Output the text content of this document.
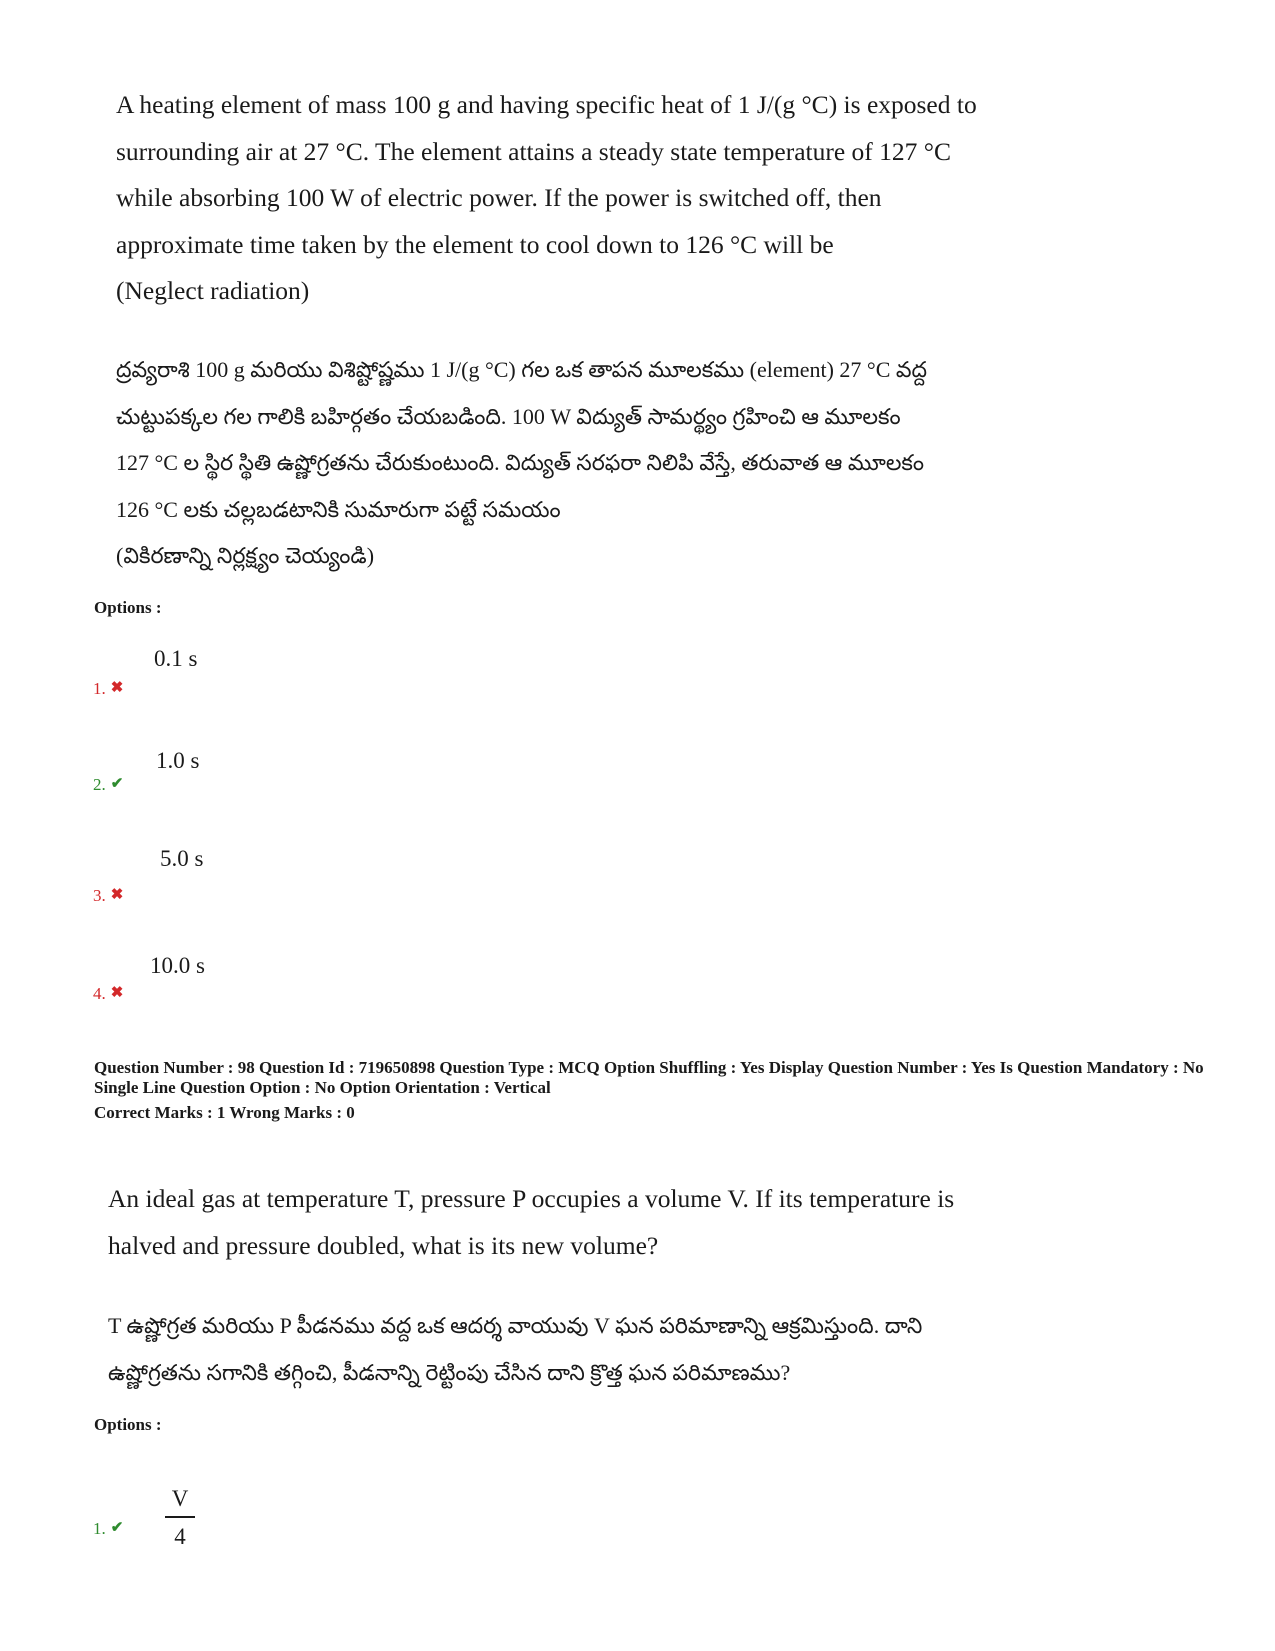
A heating element of mass 100 g and having specific heat of 1 J/(g °C) is exposed to

surrounding air at 27 °C. The element attains a steady state temperature of 127 °C

while absorbing 100 W of electric power. If the power is switched off, then

approximate time taken by the element to cool down to 126 °C will be

(Neglect radiation)

ద్రవ్యరాశి 100 g మరియు విశిష్టోష్ణము 1 J/(g °C) గల ఒక తాపన మూలకము (element) 27 °C వద్ద

చుట్టుపక్కల గల గాలికి బహిర్గతం చేయబడింది. 100 W విద్యుత్ సామర్థ్యం గ్రహించి ఆ మూలకం

127 °C ల స్థిర స్థితి ఉష్ణోగ్రతను చేరుకుంటుంది. విద్యుత్ సరఫరా నిలిపి వేస్తే, తరువాత ఆ మూలకం

126 °C లకు చల్లబడటానికి సుమారుగా పట్టే సమయం

(వికిరణాన్ని నిర్లక్ష్యం చెయ్యండి)

Options :

0.1 s

1. ✖

1.0 s

2. ✔

5.0 s

3. ✖

10.0 s

4. ✖

Question Number : 98 Question Id : 719650898 Question Type : MCQ Option Shuffling : Yes Display Question Number : Yes Is Question Mandatory : No Single Line Question Option : No Option Orientation : Vertical

Correct Marks : 1 Wrong Marks : 0

An ideal gas at temperature T, pressure P occupies a volume V. If its temperature is

halved and pressure doubled, what is its new volume?

T ఉష్ణోగ్రత మరియు P పీడనము వద్ద ఒక ఆదర్శ వాయువు V ఘన పరిమాణాన్ని ఆక్రమిస్తుంది. దాని

ఉష్ణోగ్రతను సగానికి తగ్గించి, పీడనాన్ని రెట్టింపు చేసిన దాని క్రొత్త ఘన పరిమాణము?

Options :

V
4

1. ✔
